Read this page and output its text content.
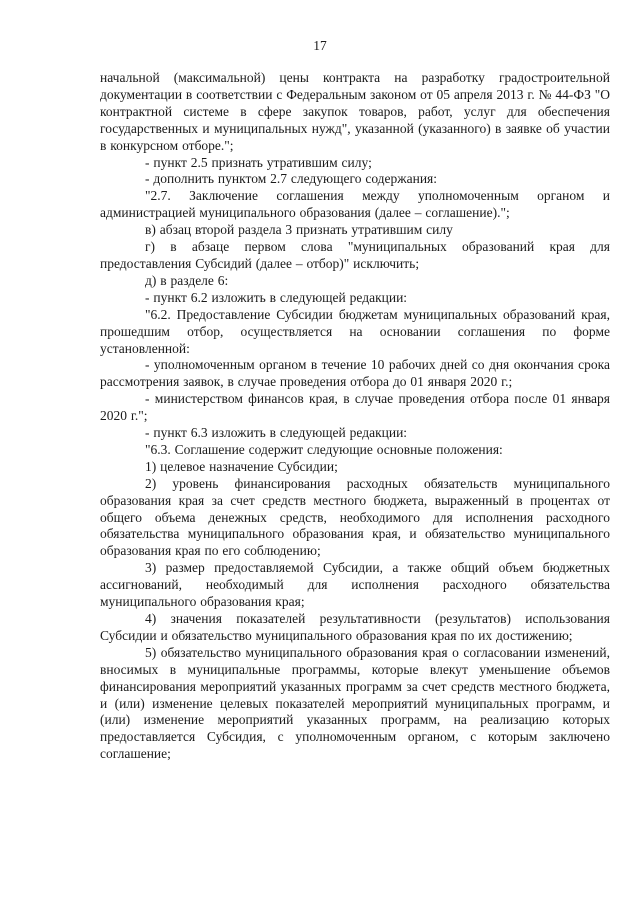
17

начальной (максимальной) цены контракта на разработку градостроительной документации в соответствии с Федеральным законом от 05 апреля 2013 г. № 44-ФЗ "О контрактной системе в сфере закупок товаров, работ, услуг для обеспечения государственных и муниципальных нужд", указанной (указанного) в заявке об участии в конкурсном отборе.";

- пункт 2.5 признать утратившим силу;

- дополнить пунктом 2.7 следующего содержания:

"2.7. Заключение соглашения между уполномоченным органом и администрацией муниципального образования (далее – соглашение).";

в) абзац второй раздела 3 признать утратившим силу

г) в абзаце первом слова "муниципальных образований края для предоставления Субсидий (далее – отбор)" исключить;

д) в разделе 6:

- пункт 6.2 изложить в следующей редакции:

"6.2. Предоставление Субсидии бюджетам муниципальных образований края, прошедшим отбор, осуществляется на основании соглашения по форме установленной:

- уполномоченным органом в течение 10 рабочих дней со дня окончания срока рассмотрения заявок, в случае проведения отбора до 01 января 2020 г.;

- министерством финансов края, в случае проведения отбора после 01 января 2020 г.";

- пункт 6.3 изложить в следующей редакции:

"6.3. Соглашение содержит следующие основные положения:

1) целевое назначение Субсидии;

2) уровень финансирования расходных обязательств муниципального образования края за счет средств местного бюджета, выраженный в процентах от общего объема денежных средств, необходимого для исполнения расходного обязательства муниципального образования края, и обязательство муниципального образования края по его соблюдению;

3) размер предоставляемой Субсидии, а также общий объем бюджетных ассигнований, необходимый для исполнения расходного обязательства муниципального образования края;

4) значения показателей результативности (результатов) использования Субсидии и обязательство муниципального образования края по их достижению;

5) обязательство муниципального образования края о согласовании изменений, вносимых в муниципальные программы, которые влекут уменьшение объемов финансирования мероприятий указанных программ за счет средств местного бюджета, и (или) изменение целевых показателей мероприятий муниципальных программ, и (или) изменение мероприятий указанных программ, на реализацию которых предоставляется Субсидия, с уполномоченным органом, с которым заключено соглашение;
